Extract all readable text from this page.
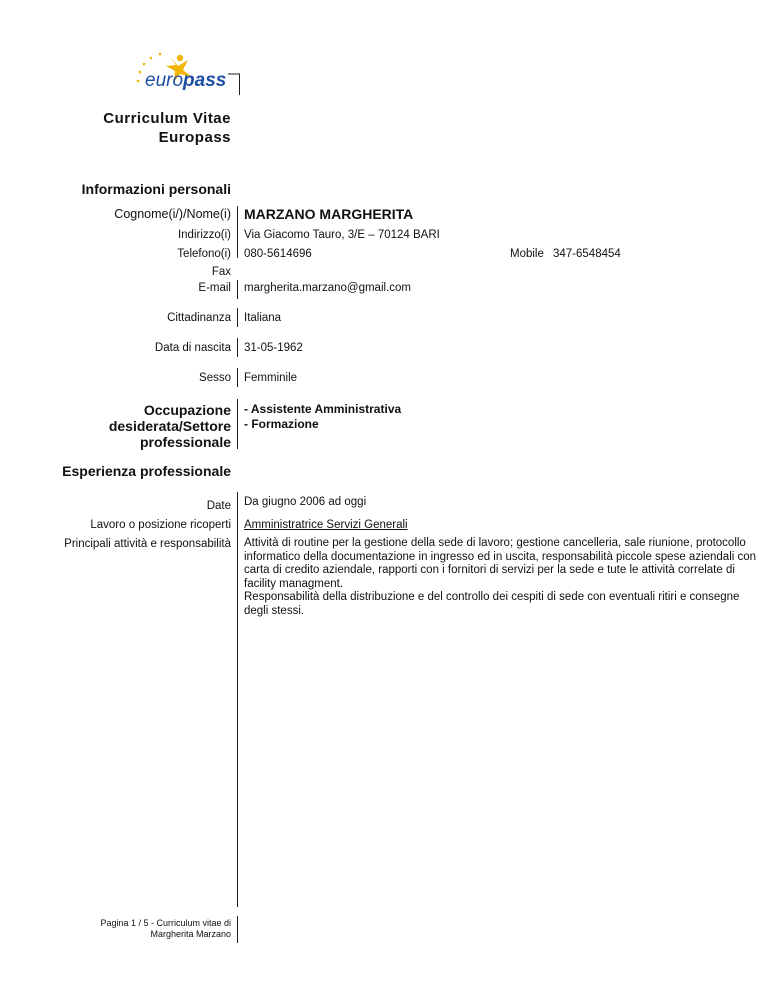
europass
Curriculum Vitae
Europass
Informazioni personali
Cognome(i/)/Nome(i) MARZANO MARGHERITA
Indirizzo(i) Via Giacomo Tauro, 3/E – 70124 BARI
Telefono(i) 080-5614696	Mobile 347-6548454
Fax
E-mail margherita.marzano@gmail.com
Cittadinanza Italiana
Data di nascita 31-05-1962
Sesso Femminile
Occupazione
desiderata/Settore
professionale
- Assistente Amministrativa
- Formazione
Esperienza professionale
Date Da giugno 2006 ad oggi
Lavoro o posizione ricoperti Amministratrice Servizi Generali
Principali attività e responsabilità Attività di routine per la gestione della sede di lavoro; gestione cancelleria, sale riunione, protocollo
informatico della documentazione in ingresso ed in uscita, responsabilità piccole spese aziendali con
carta di credito aziendale, rapporti con i fornitori di servizi per la sede e tute le attività correlate di
facility managment.
Responsabilità della distribuzione e del controllo dei cespiti di sede con eventuali ritiri e consegne
degli stessi.
Pagina 1 / 5 - Curriculum vitae di
Margherita Marzano
